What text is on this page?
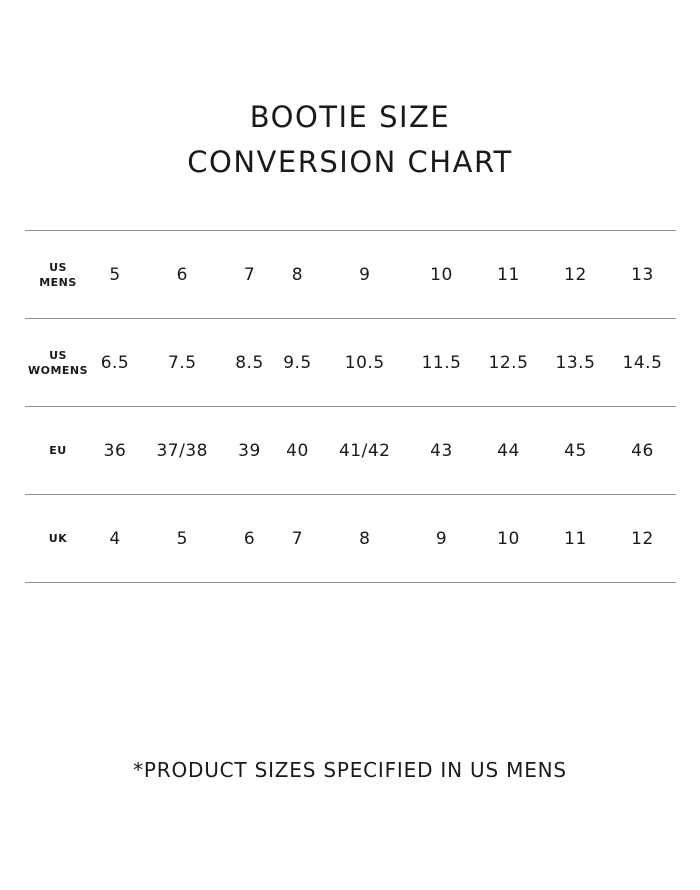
BOOTIE SIZE
CONVERSION CHART
US
MENS	5	6	7	8	9	10	11	12	13

US
WOMENS	6.5	7.5	8.5	9.5	10.5	11.5	12.5	13.5	14.5

EU	36	37/38	39	40	41/42	43	44	45	46

UK	4	5	6	7	8	9	10	11	12

*PRODUCT SIZES SPECIFIED IN US MENS
